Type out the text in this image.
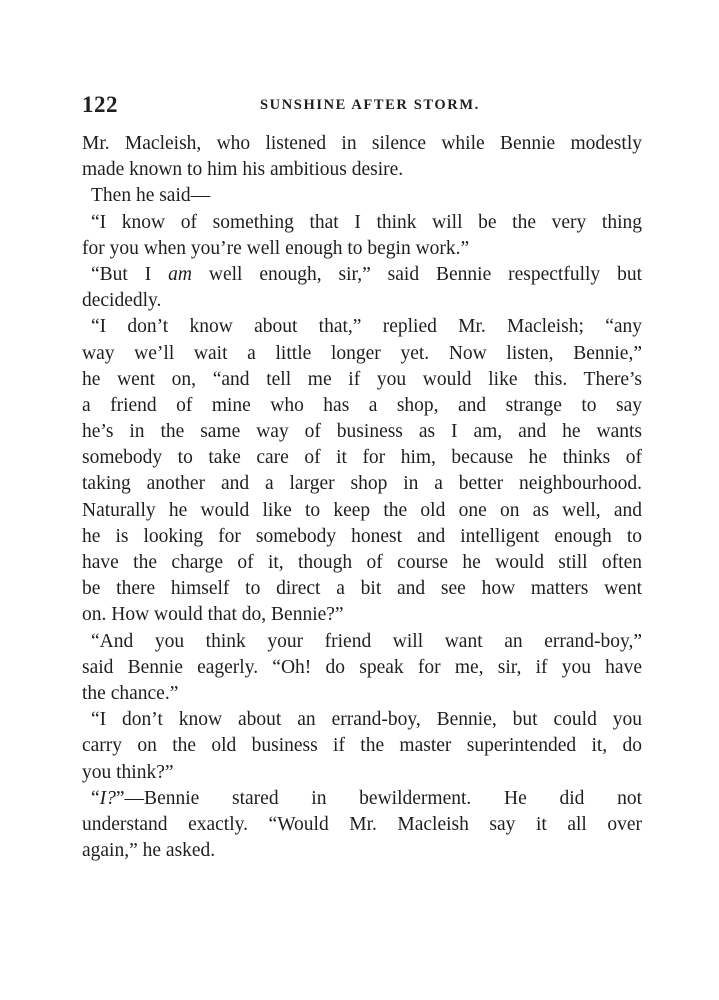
122	SUNSHINE AFTER STORM.
Mr. Macleish, who listened in silence while Bennie modestly
made known to him his ambitious desire.
Then he said—
“I know of something that I think will be the very thing
for you when you’re well enough to begin work.”
“But I am well enough, sir,” said Bennie respectfully but
decidedly.
“I don’t know about that,” replied Mr. Macleish; “any
way we’ll wait a little longer yet. Now listen, Bennie,”
he went on, “and tell me if you would like this. There’s
a friend of mine who has a shop, and strange to say
he’s in the same way of business as I am, and he wants
somebody to take care of it for him, because he thinks of
taking another and a larger shop in a better neighbourhood.
Naturally he would like to keep the old one on as well, and
he is looking for somebody honest and intelligent enough to
have the charge of it, though of course he would still often
be there himself to direct a bit and see how matters went
on. How would that do, Bennie?”
“And you think your friend will want an errand-boy,”
said Bennie eagerly. “Oh! do speak for me, sir, if you have
the chance.”
“I don’t know about an errand-boy, Bennie, but could you
carry on the old business if the master superintended it, do
you think?”
“I?”—Bennie stared in bewilderment. He did not
understand exactly. “Would Mr. Macleish say it all over
again,” he asked.
